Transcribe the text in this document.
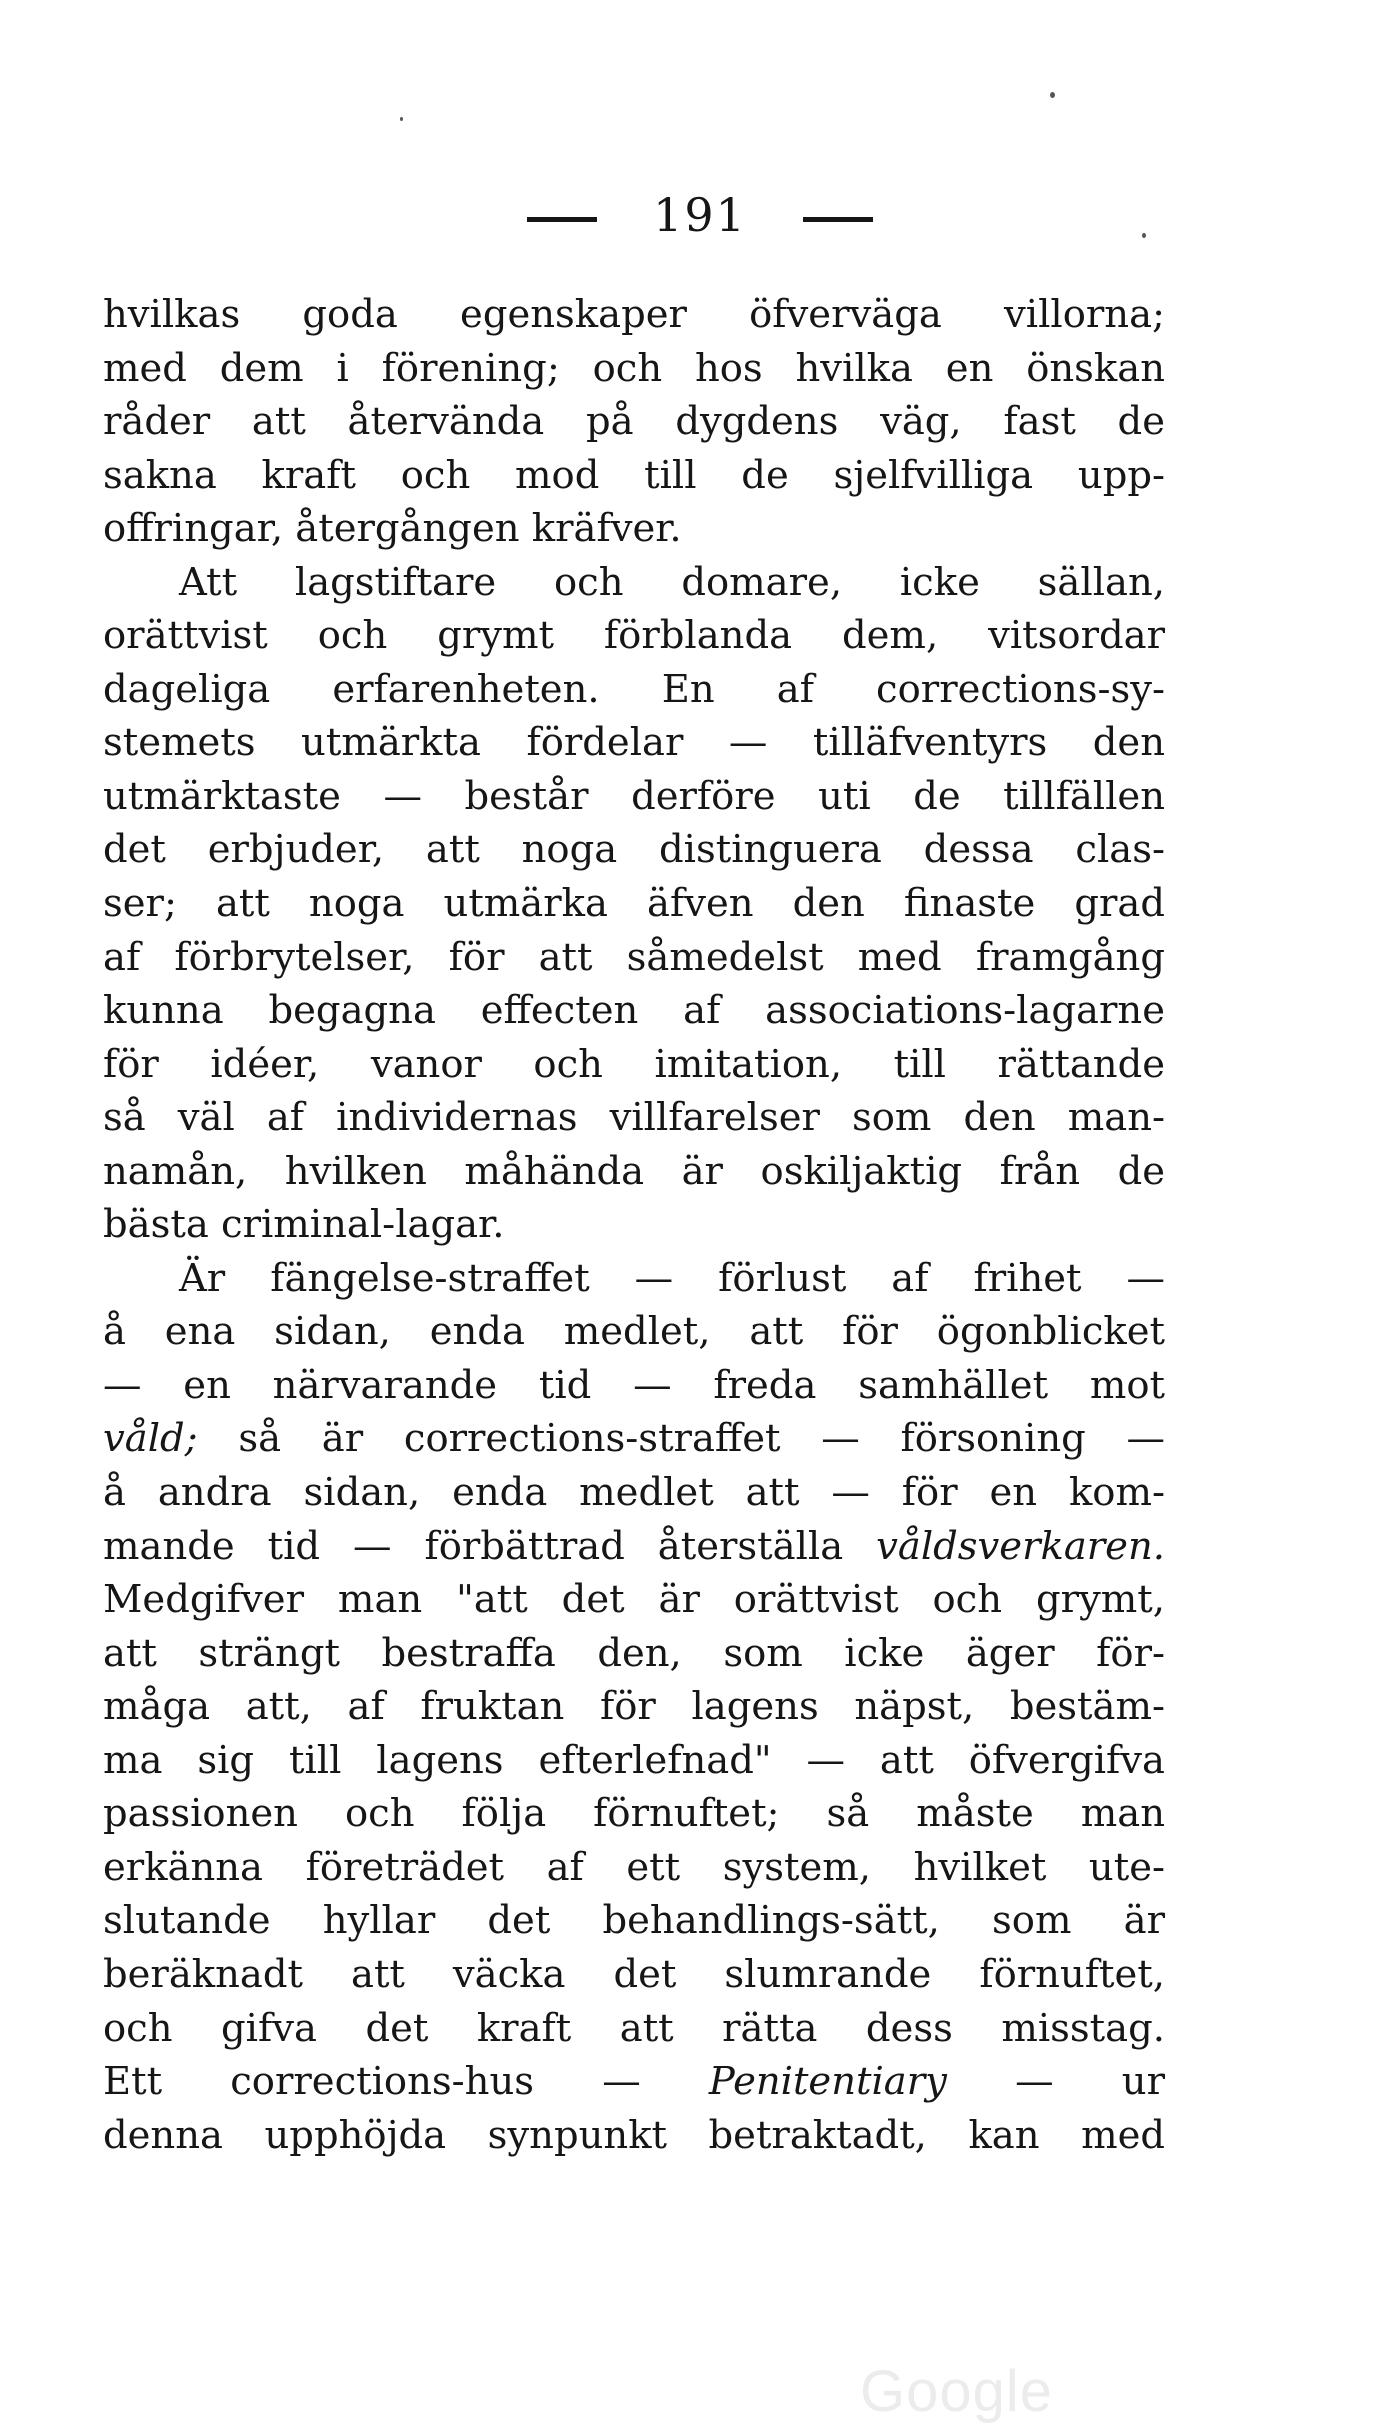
191
hvilkas goda egenskaper öfverväga villorna;
med dem i förening; och hos hvilka en önskan
råder att återvända på dygdens väg, fast de
sakna kraft och mod till de sjelfvilliga upp-
offringar, återgången kräfver.
Att lagstiftare och domare, icke sällan,
orättvist och grymt förblanda dem, vitsordar
dageliga erfarenheten. En af corrections-sy-
stemets utmärkta fördelar — tilläfventyrs den
utmärktaste — består derföre uti de tillfällen
det erbjuder, att noga distinguera dessa clas-
ser; att noga utmärka äfven den finaste grad
af förbrytelser, för att såmedelst med framgång
kunna begagna effecten af associations-lagarne
för idéer, vanor och imitation, till rättande
så väl af individernas villfarelser som den man-
namån, hvilken måhända är oskiljaktig från de
bästa criminal-lagar.
Är fängelse-straffet — förlust af frihet —
å ena sidan, enda medlet, att för ögonblicket
— en närvarande tid — freda samhället mot
våld; så är corrections-straffet — försoning —
å andra sidan, enda medlet att — för en kom-
mande tid — förbättrad återställa våldsverkaren.
Medgifver man "att det är orättvist och grymt,
att strängt bestraffa den, som icke äger för-
måga att, af fruktan för lagens näpst, bestäm-
ma sig till lagens efterlefnad" — att öfvergifva
passionen och följa förnuftet; så måste man
erkänna företrädet af ett system, hvilket ute-
slutande hyllar det behandlings-sätt, som är
beräknadt att väcka det slumrande förnuftet,
och gifva det kraft att rätta dess misstag.
Ett corrections-hus — Penitentiary — ur
denna upphöjda synpunkt betraktadt, kan med
Google
